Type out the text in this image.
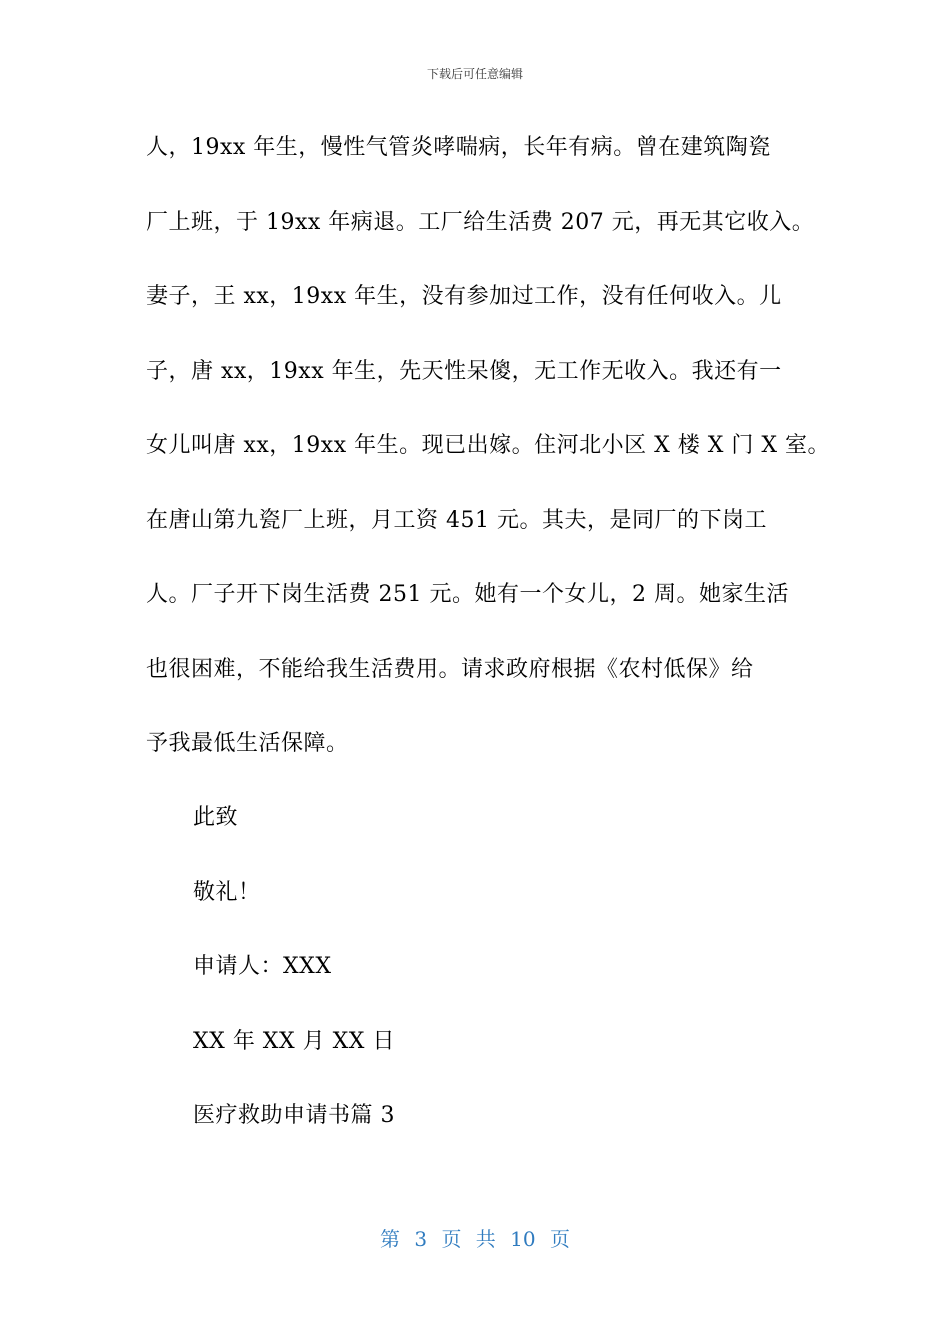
下载后可任意编辑
人，19xx 年生，慢性气管炎哮喘病，长年有病。曾在建筑陶瓷
厂上班，于 19xx 年病退。工厂给生活费 207 元，再无其它收入。
妻子，王 xx，19xx 年生，没有参加过工作，没有任何收入。儿
子，唐 xx，19xx 年生，先天性呆傻，无工作无收入。我还有一
女儿叫唐 xx，19xx 年生。现已出嫁。住河北小区 X 楼 X 门 X 室。
在唐山第九瓷厂上班，月工资 451 元。其夫，是同厂的下岗工
人。厂子开下岗生活费 251 元。她有一个女儿，2 周。她家生活
也很困难，不能给我生活费用。请求政府根据《农村低保》给
予我最低生活保障。
此致
敬礼！
申请人：XXX
XX 年 XX 月 XX 日
医疗救助申请书篇 3
第 3 页 共 10 页
